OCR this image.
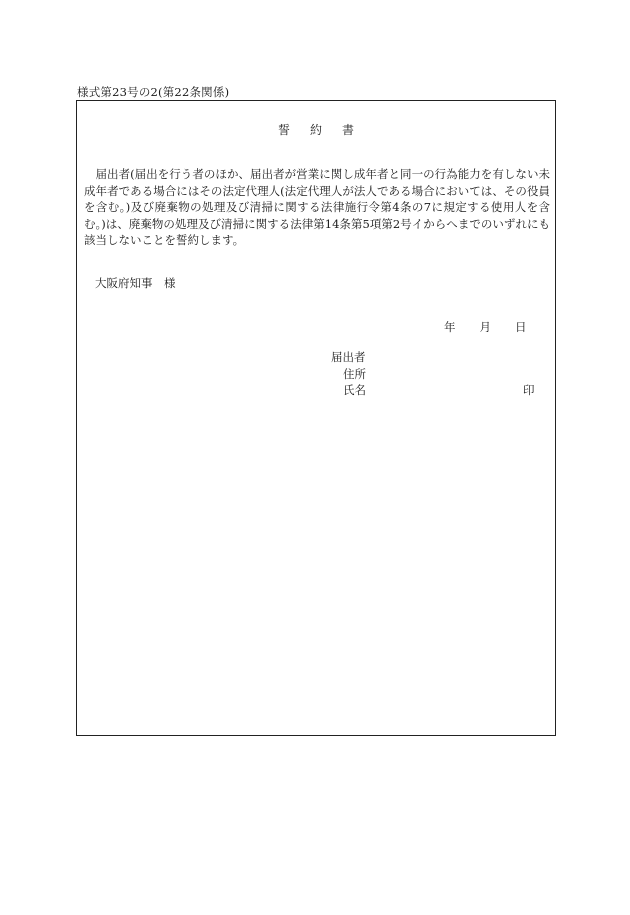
様式第23号の2(第22条関係)
誓約書

届出者(届出を行う者のほか、届出者が営業に関し成年者と同一の行為能力を有しない未成年者である場合にはその法定代理人(法定代理人が法人である場合においては、その役員を含む。)及び廃棄物の処理及び清掃に関する法律施行令第4条の7に規定する使用人を含む。)は、廃棄物の処理及び清掃に関する法律第14条第5項第2号イからへまでのいずれにも該当しないことを誓約します。

大阪府知事　様
年 月 日
届出者
住所
氏名	印
